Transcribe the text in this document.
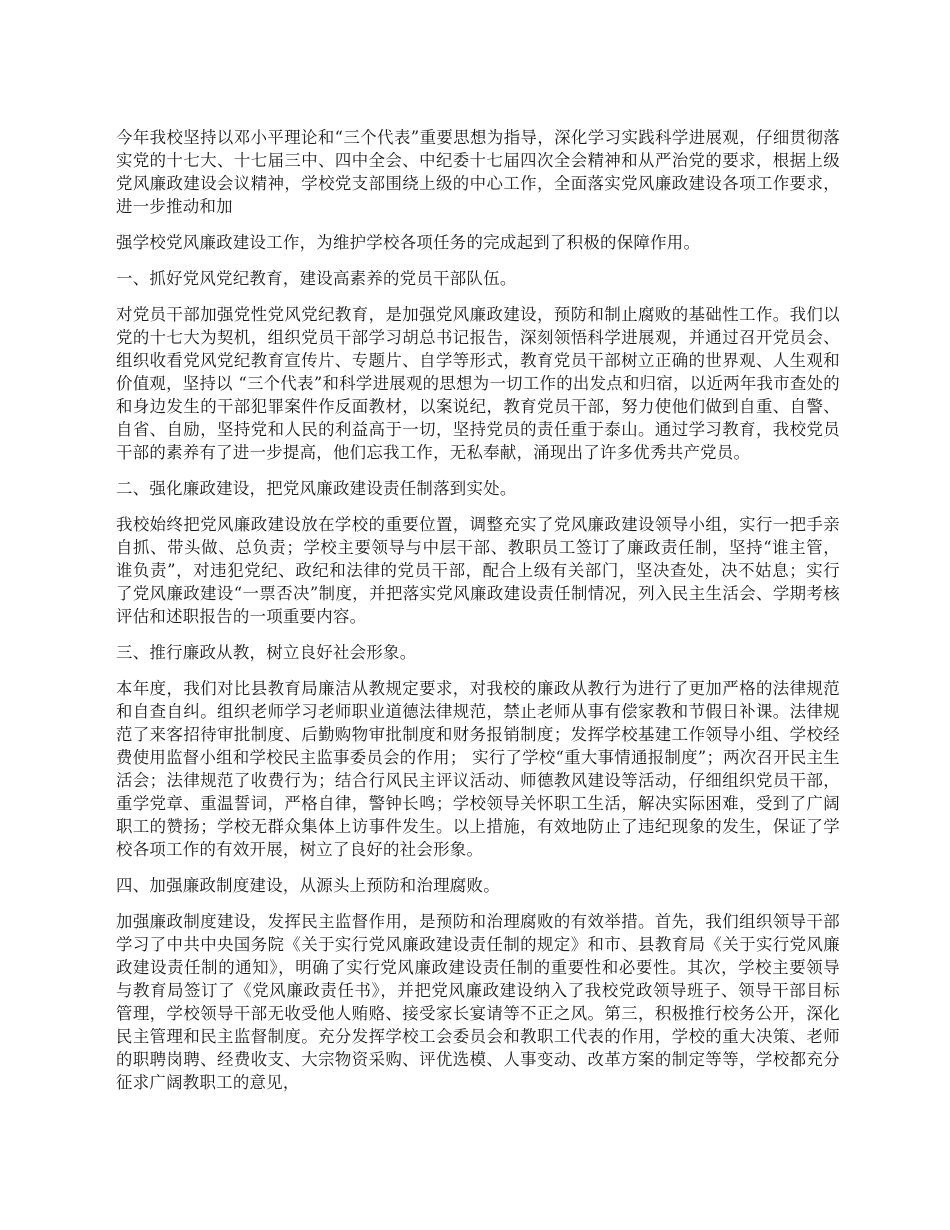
今年我校坚持以邓小平理论和“三个代表”重要思想为指导，深化学习实践科学进展观，仔细贯彻落实党的十七大、十七届三中、四中全会、中纪委十七届四次全会精神和从严治党的要求，根据上级党风廉政建设会议精神，学校党支部围绕上级的中心工作，全面落实党风廉政建设各项工作要求，进一步推动和加

强学校党风廉政建设工作，为维护学校各项任务的完成起到了积极的保障作用。

一、抓好党风党纪教育，建设高素养的党员干部队伍。

对党员干部加强党性党风党纪教育，是加强党风廉政建设，预防和制止腐败的基础性工作。我们以党的十七大为契机，组织党员干部学习胡总书记报告，深刻领悟科学进展观，并通过召开党员会、组织收看党风党纪教育宣传片、专题片、自学等形式，教育党员干部树立正确的世界观、人生观和价值观，坚持以 “三个代表”和科学进展观的思想为一切工作的出发点和归宿，以近两年我市查处的和身边发生的干部犯罪案件作反面教材，以案说纪，教育党员干部，努力使他们做到自重、自警、自省、自励，坚持党和人民的利益高于一切，坚持党员的责任重于泰山。通过学习教育，我校党员干部的素养有了进一步提高，他们忘我工作，无私奉献，涌现出了许多优秀共产党员。

二、强化廉政建设，把党风廉政建设责任制落到实处。

我校始终把党风廉政建设放在学校的重要位置，调整充实了党风廉政建设领导小组，实行一把手亲自抓、带头做、总负责；学校主要领导与中层干部、教职员工签订了廉政责任制，坚持“谁主管，谁负责”，对违犯党纪、政纪和法律的党员干部，配合上级有关部门，坚决查处，决不姑息；实行了党风廉政建设“一票否决”制度，并把落实党风廉政建设责任制情况，列入民主生活会、学期考核评估和述职报告的一项重要内容。

三、推行廉政从教，树立良好社会形象。

本年度，我们对比县教育局廉洁从教规定要求，对我校的廉政从教行为进行了更加严格的法律规范和自查自纠。组织老师学习老师职业道德法律规范，禁止老师从事有偿家教和节假日补课。法律规范了来客招待审批制度、后勤购物审批制度和财务报销制度；发挥学校基建工作领导小组、学校经费使用监督小组和学校民主监事委员会的作用； 实行了学校“重大事情通报制度”；两次召开民主生活会；法律规范了收费行为；结合行风民主评议活动、师德教风建设等活动，仔细组织党员干部，重学党章、重温誓词，严格自律，警钟长鸣；学校领导关怀职工生活，解决实际困难，受到了广阔职工的赞扬；学校无群众集体上访事件发生。以上措施，有效地防止了违纪现象的发生，保证了学校各项工作的有效开展，树立了良好的社会形象。

四、加强廉政制度建设，从源头上预防和治理腐败。

加强廉政制度建设，发挥民主监督作用，是预防和治理腐败的有效举措。首先，我们组织领导干部学习了中共中央国务院《关于实行党风廉政建设责任制的规定》和市、县教育局《关于实行党风廉政建设责任制的通知》，明确了实行党风廉政建设责任制的重要性和必要性。其次，学校主要领导与教育局签订了《党风廉政责任书》，并把党风廉政建设纳入了我校党政领导班子、领导干部目标管理，学校领导干部无收受他人贿赂、接受家长宴请等不正之风。第三，积极推行校务公开，深化民主管理和民主监督制度。充分发挥学校工会委员会和教职工代表的作用，学校的重大决策、老师的职聘岗聘、经费收支、大宗物资采购、评优选模、人事变动、改革方案的制定等等，学校都充分征求广阔教职工的意见，
